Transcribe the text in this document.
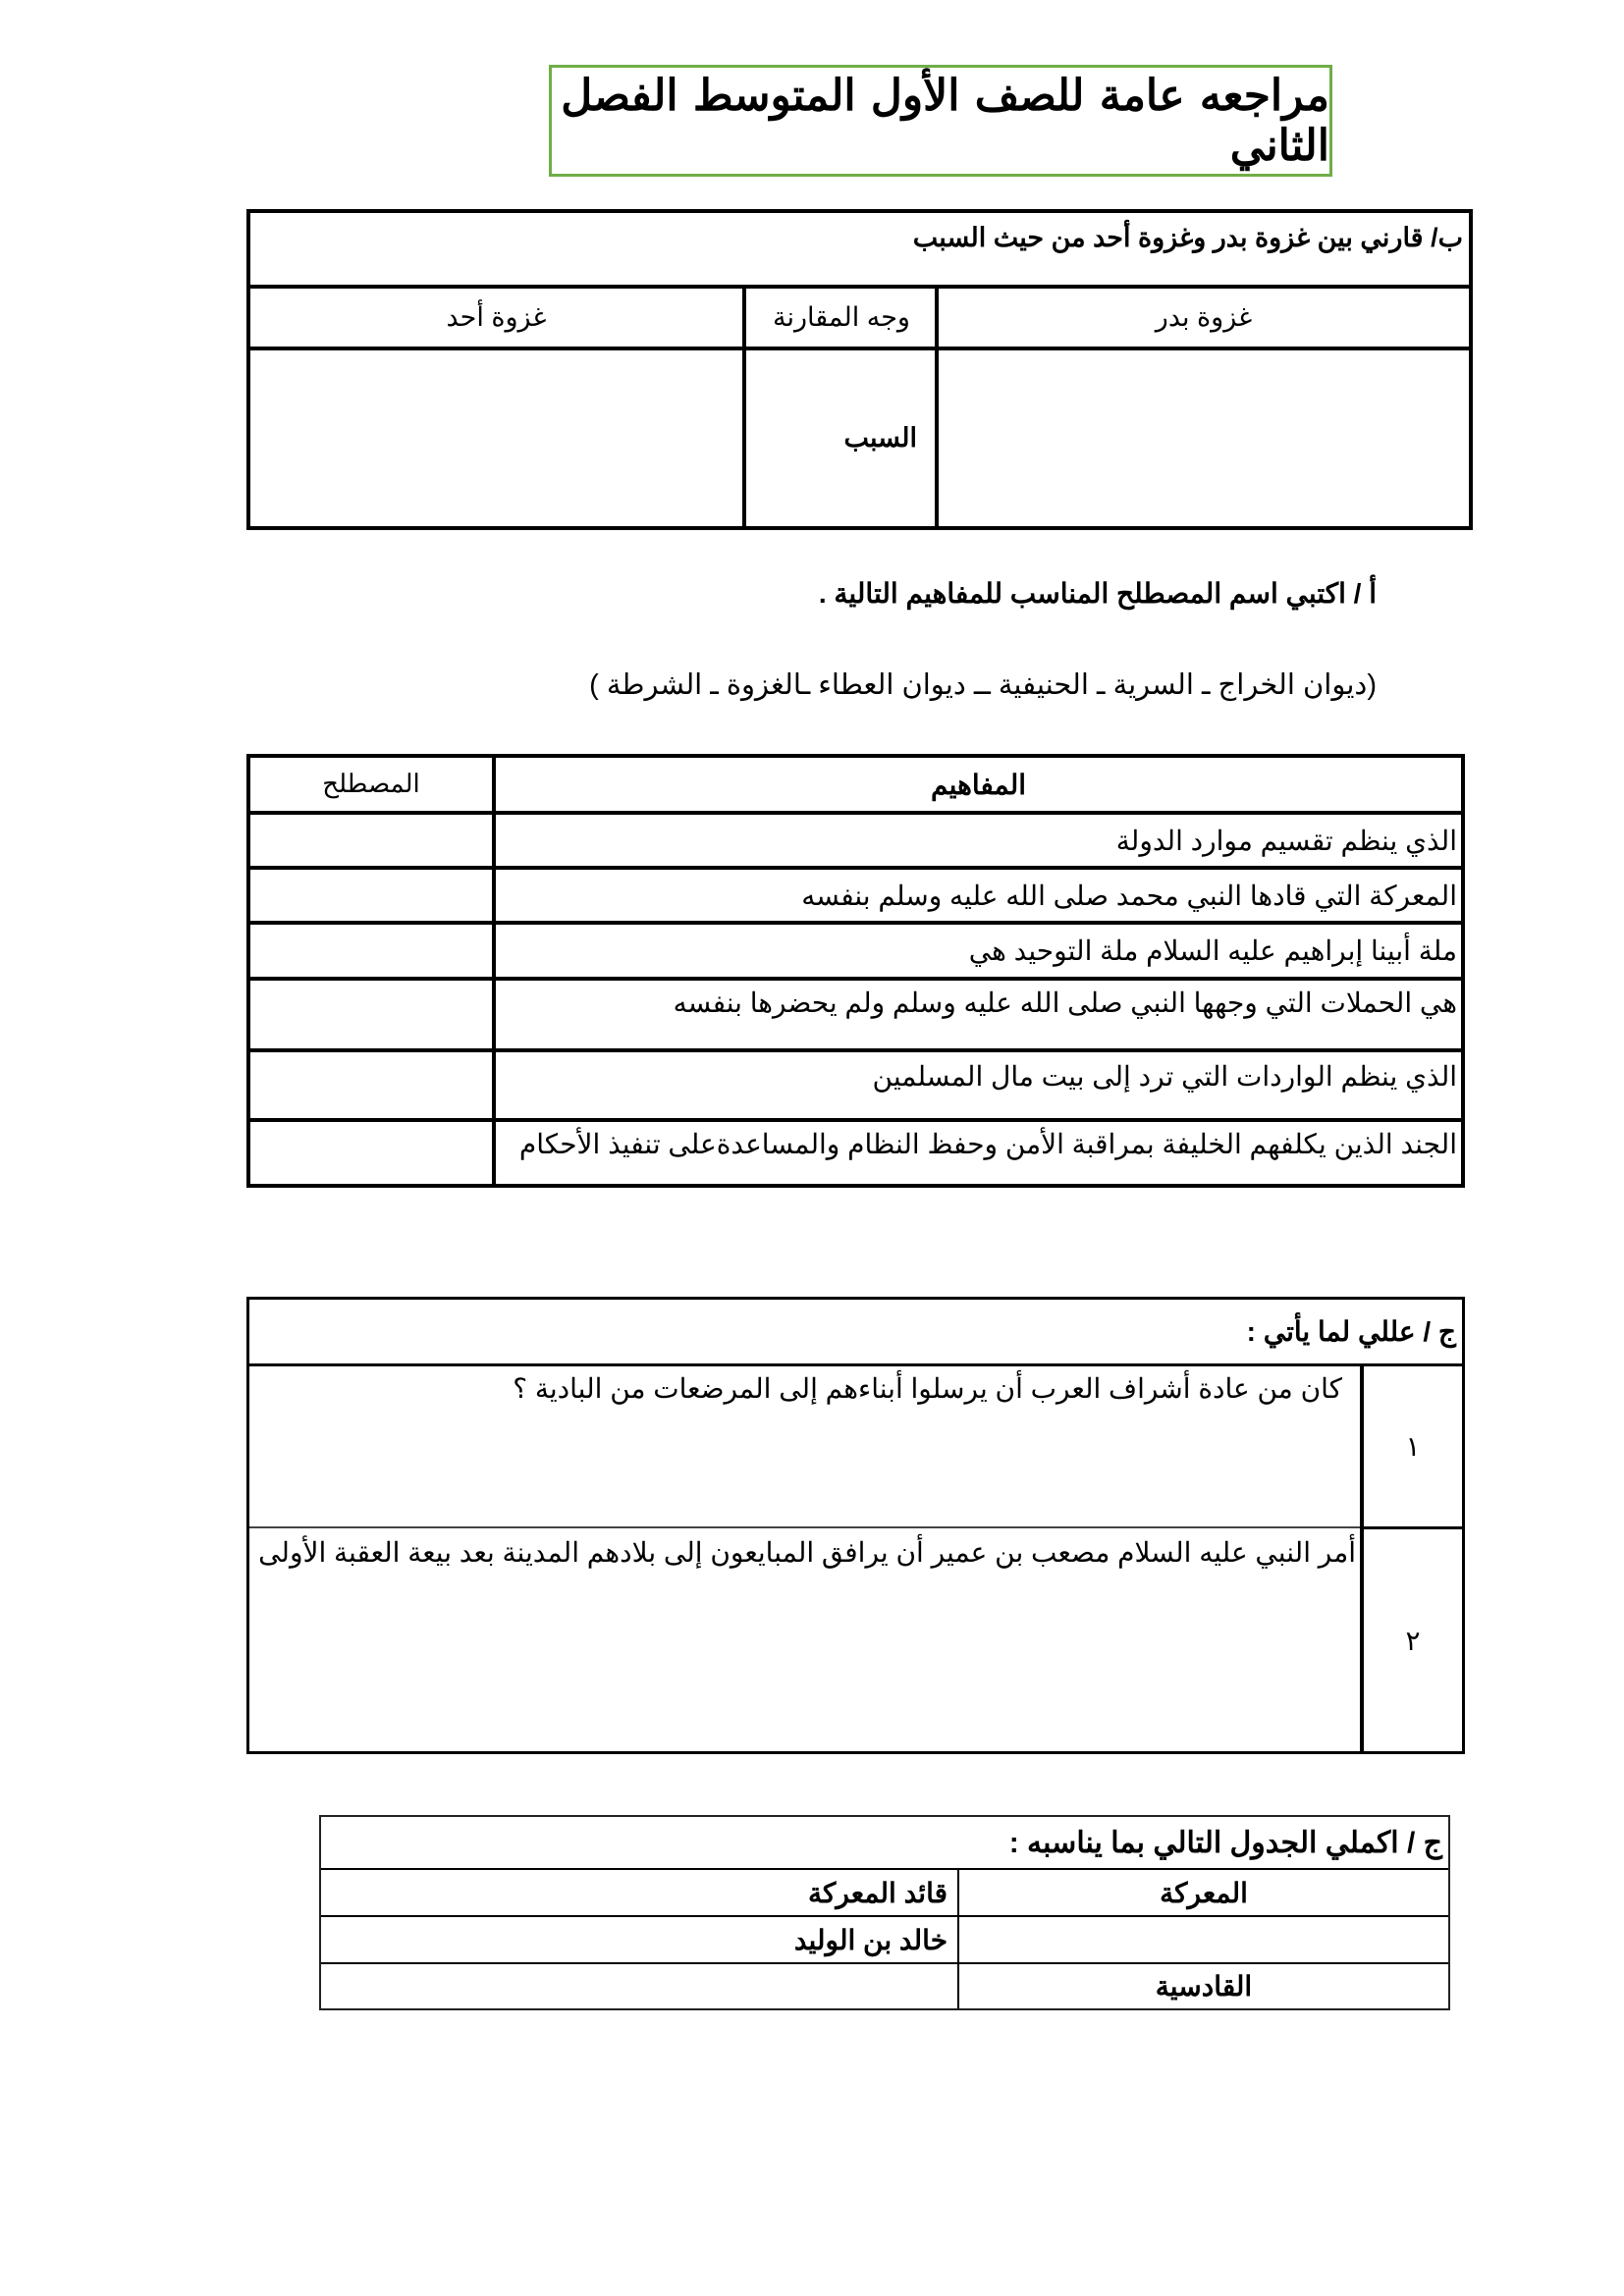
مراجعه عامة للصف الأول المتوسط الفصل الثاني
ب/ قارني بين غزوة بدر وغزوة أحد من حيث السبب
غزوة بدر
وجه المقارنة
غزوة أحد
السبب
أ / اكتبي اسم المصطلح المناسب للمفاهيم التالية .
(ديوان الخراج ـ السرية ـ الحنيفية ــ ديوان العطاء ـالغزوة ـ الشرطة )
المفاهيم
المصطلح
الذي ينظم تقسيم موارد الدولة
المعركة التي قادها النبي محمد صلى الله عليه وسلم بنفسه
ملة أبينا إبراهيم عليه السلام ملة التوحيد هي
هي الحملات التي وجهها النبي صلى الله عليه وسلم ولم يحضرها بنفسه
الذي ينظم الواردات التي ترد إلى بيت مال المسلمين
الجند الذين يكلفهم الخليفة بمراقبة الأمن وحفظ النظام والمساعدةعلى تنفيذ الأحكام
ج / عللي لما يأتي :
١
كان من عادة أشراف العرب أن يرسلوا أبناءهم إلى المرضعات من البادية ؟
٢
أمر النبي عليه السلام مصعب بن عمير أن يرافق المبايعون إلى بلادهم المدينة بعد بيعة العقبة الأولى
ج / اكملي الجدول التالي بما يناسبه :
المعركة
قائد المعركة
خالد بن الوليد
القادسية
